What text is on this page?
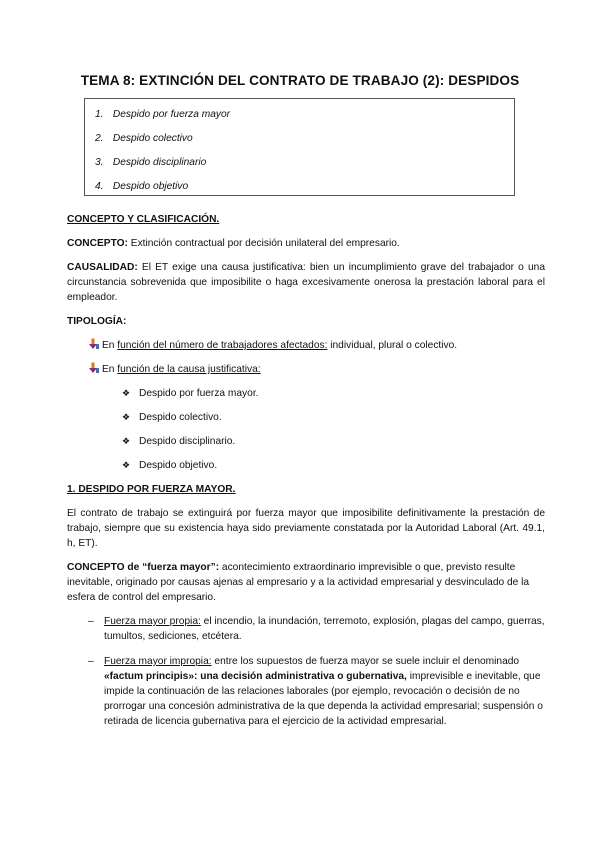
TEMA 8: EXTINCIÓN DEL CONTRATO DE TRABAJO (2): DESPIDOS
1. Despido por fuerza mayor
2. Despido colectivo
3. Despido disciplinario
4. Despido objetivo
CONCEPTO Y CLASIFICACIÓN.
CONCEPTO: Extinción contractual por decisión unilateral del empresario.
CAUSALIDAD: El ET exige una causa justificativa: bien un incumplimiento grave del trabajador o una circunstancia sobrevenida que imposibilite o haga excesivamente onerosa la prestación laboral para el empleador.
TIPOLOGÍA:
En función del número de trabajadores afectados: individual, plural o colectivo.
En función de la causa justificativa:
❖ Despido por fuerza mayor.
❖ Despido colectivo.
❖ Despido disciplinario.
❖ Despido objetivo.
1. DESPIDO POR FUERZA MAYOR.
El contrato de trabajo se extinguirá por fuerza mayor que imposibilite definitivamente la prestación de trabajo, siempre que su existencia haya sido previamente constatada por la Autoridad Laboral (Art. 49.1, h, ET).
CONCEPTO de “fuerza mayor”: acontecimiento extraordinario imprevisible o que, previsto resulte inevitable, originado por causas ajenas al empresario y a la actividad empresarial y desvinculado de la esfera de control del empresario.
– Fuerza mayor propia: el incendio, la inundación, terremoto, explosión, plagas del campo, guerras, tumultos, sediciones, etcétera.
– Fuerza mayor impropia: entre los supuestos de fuerza mayor se suele incluir el denominado «factum principis»: una decisión administrativa o gubernativa, imprevisible e inevitable, que impide la continuación de las relaciones laborales (por ejemplo, revocación o decisión de no prorrogar una concesión administrativa de la que dependa la actividad empresarial; suspensión o retirada de licencia gubernativa para el ejercicio de la actividad empresarial.
